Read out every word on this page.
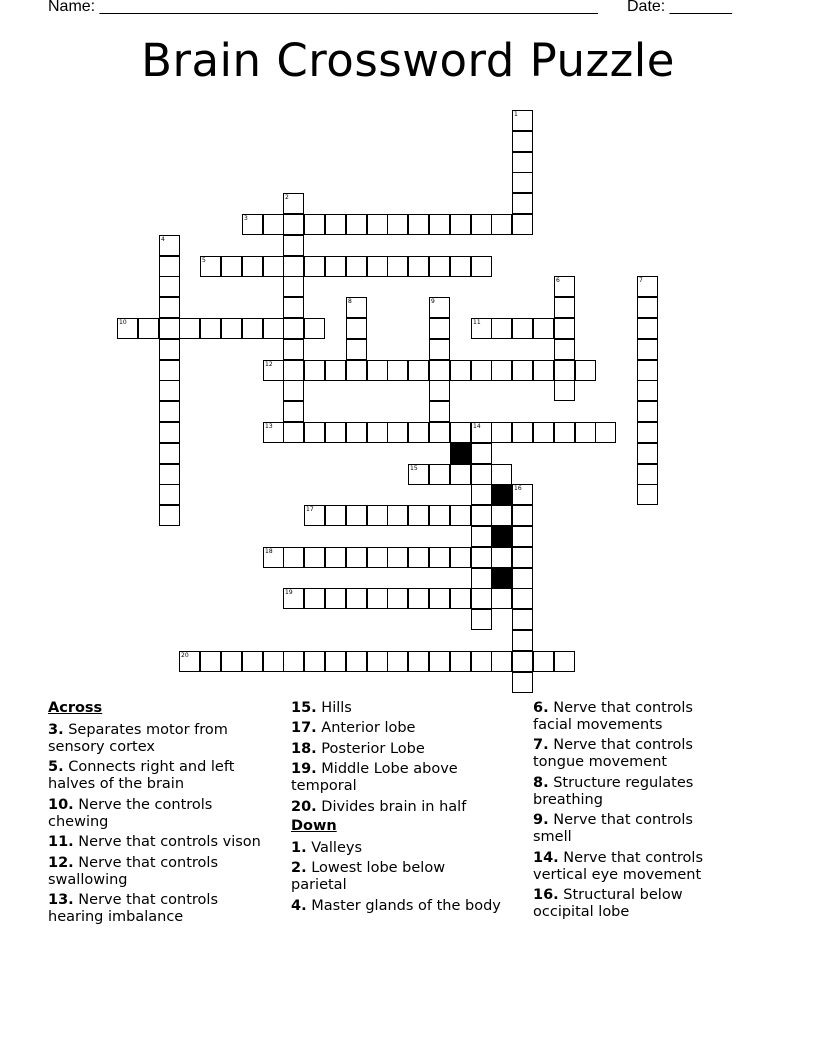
Name: ________________________________________________________ Date: _______
Brain Crossword Puzzle
3
5
10	11
12
13	14
15
17
18
19
20
1
2
4
6	7
8	9
16
Across
3. Separates motor from sensory cortex
5. Connects right and left halves of the brain
10. Nerve the controls chewing
11. Nerve that controls vison
12. Nerve that controls swallowing
13. Nerve that controls hearing imbalance
15. Hills
17. Anterior lobe
18. Posterior Lobe
19. Middle Lobe above temporal
20. Divides brain in half
Down
1. Valleys
2. Lowest lobe below parietal
4. Master glands of the body
6. Nerve that controls facial movements
7. Nerve that controls tongue movement
8. Structure regulates breathing
9. Nerve that controls smell
14. Nerve that controls vertical eye movement
16. Structural below occipital lobe
